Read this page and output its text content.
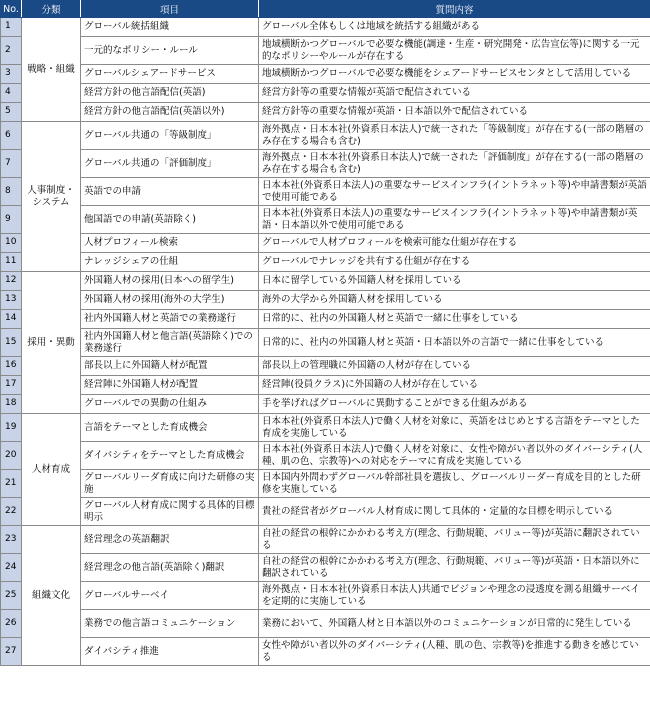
No.	分類	項目	質問内容
1	戦略・組織	グローバル統括組織	グローバル全体もしくは地域を統括する組織がある
2		一元的なポリシー・ルール	地域横断かつグローバルで必要な機能(調達・生産・研究開発・広告宣伝等)に関する一元的なポリシーやルールが存在する
3		グローバルシェアードサービス	地域横断かつグローバルで必要な機能をシェアードサービスセンタとして活用している
4		経営方針の他言語配信(英語)	経営方針等の重要な情報が英語で配信されている
5		経営方針の他言語配信(英語以外)	経営方針等の重要な情報が英語・日本語以外で配信されている
6	人事制度・システム	グローバル共通の「等級制度」	海外拠点・日本本社(外資系日本法人)で統一された「等級制度」が存在する(一部の階層のみ存在する場合も含む)
7		グローバル共通の「評価制度」	海外拠点・日本本社(外資系日本法人)で統一された「評価制度」が存在する(一部の階層のみ存在する場合も含む)
8		英語での申請	日本本社(外資系日本法人)の重要なサービスインフラ(イントラネット等)や申請書類が英語で使用可能である
9		他国語での申請(英語除く)	日本本社(外資系日本法人)の重要なサービスインフラ(イントラネット等)や申請書類が英語・日本語以外で使用可能である
10		人材プロフィール検索	グローバルで人材プロフィールを検索可能な仕組が存在する
11		ナレッジシェアの仕組	グローバルでナレッジを共有する仕組が存在する
12	採用・異動	外国籍人材の採用(日本への留学生)	日本に留学している外国籍人材を採用している
13		外国籍人材の採用(海外の大学生)	海外の大学から外国籍人材を採用している
14		社内外国籍人材と英語での業務遂行	日常的に、社内の外国籍人材と英語で一緒に仕事をしている
15		社内外国籍人材と他言語(英語除く)での業務遂行	日常的に、社内の外国籍人材と英語・日本語以外の言語で一緒に仕事をしている
16		部長以上に外国籍人材が配置	部長以上の管理職に外国籍の人材が存在している
17		経営陣に外国籍人材が配置	経営陣(役員クラス)に外国籍の人材が存在している
18		グローバルでの異動の仕組み	手を挙げればグローバルに異動することができる仕組みがある
19	人材育成	言語をテーマとした育成機会	日本本社(外資系日本法人)で働く人材を対象に、英語をはじめとする言語をテーマとした育成を実施している
20		ダイバシティをテーマとした育成機会	日本本社(外資系日本法人)で働く人材を対象に、女性や障がい者以外のダイバーシティ(人種、肌の色、宗教等)への対応をテーマに育成を実施している
21		グローバルリーダ育成に向けた研修の実施	日本国内外問わずグローバル幹部社員を選抜し、グローバルリーダー育成を目的とした研修を実施している
22		グローバル人材育成に関する具体的目標明示	貴社の経営者がグローバル人材育成に関して具体的・定量的な目標を明示している
23	組織文化	経営理念の英語翻訳	自社の経営の根幹にかかわる考え方(理念、行動規範、バリュー等)が英語に翻訳されている
24		経営理念の他言語(英語除く)翻訳	自社の経営の根幹にかかわる考え方(理念、行動規範、バリュー等)が英語・日本語以外に翻訳されている
25		グローバルサーベイ	海外拠点・日本本社(外資系日本法人)共通でビジョンや理念の浸透度を測る組織サーベイを定期的に実施している
26		業務での他言語コミュニケーション	業務において、外国籍人材と日本語以外のコミュニケーションが日常的に発生している
27		ダイバシティ推進	女性や障がい者以外のダイバーシティ(人種、肌の色、宗教等)を推進する動きを感じている
